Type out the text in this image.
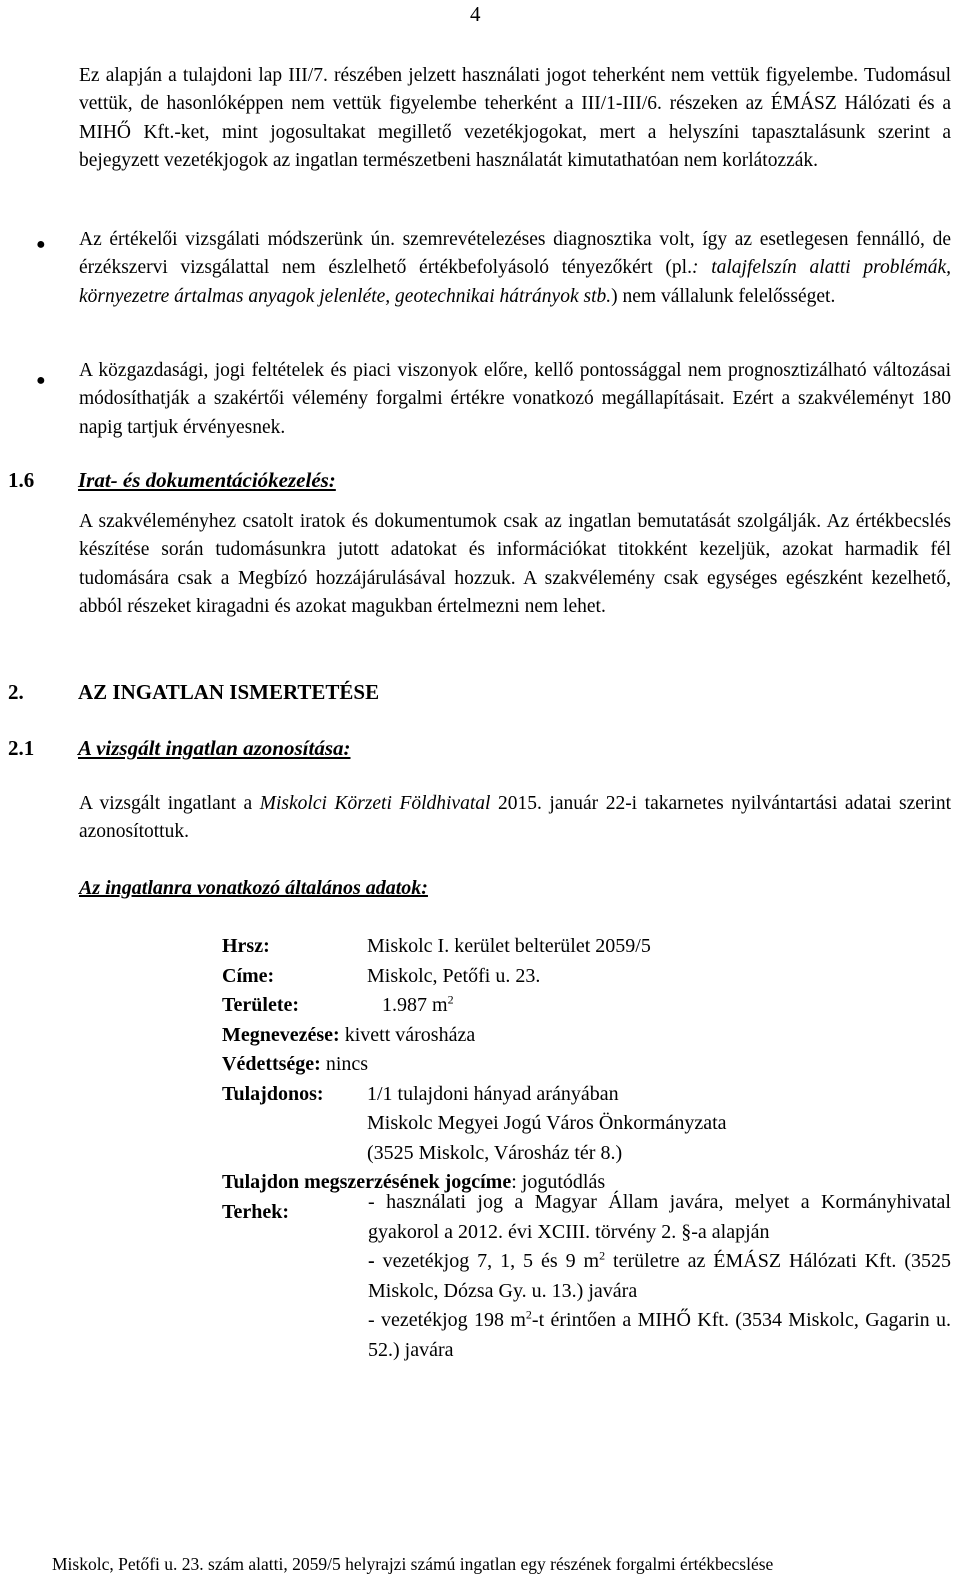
4

Ez alapján a tulajdoni lap III/7. részében jelzett használati jogot teherként nem vettük figyelembe. Tudomásul vettük, de hasonlóképpen nem vettük figyelembe teherként a III/1-III/6. részeken az ÉMÁSZ Hálózati és a MIHŐ Kft.-ket, mint jogosultakat megillető vezetékjogokat, mert a helyszíni tapasztalásunk szerint a bejegyzett vezetékjogok az ingatlan természetbeni használatát kimutathatóan nem korlátozzák.

● Az értékelői vizsgálati módszerünk ún. szemrevételezéses diagnosztika volt, így az esetlegesen fennálló, de érzékszervi vizsgálattal nem észlelhető értékbefolyásoló tényezőkért (pl.: talajfelszín alatti problémák, környezetre ártalmas anyagok jelenléte, geotechnikai hátrányok stb.) nem vállalunk felelősséget.

● A közgazdasági, jogi feltételek és piaci viszonyok előre, kellő pontossággal nem prognosztizálható változásai módosíthatják a szakértői vélemény forgalmi értékre vonatkozó megállapításait. Ezért a szakvéleményt 180 napig tartjuk érvényesnek.

1.6 Irat- és dokumentációkezelés:

A szakvéleményhez csatolt iratok és dokumentumok csak az ingatlan bemutatását szolgálják. Az értékbecslés készítése során tudomásunkra jutott adatokat és információkat titokként kezeljük, azokat harmadik fél tudomására csak a Megbízó hozzájárulásával hozzuk. A szakvélemény csak egységes egészként kezelhető, abból részeket kiragadni és azokat magukban értelmezni nem lehet.

2.	AZ INGATLAN ISMERTETÉSE
2.1 A vizsgált ingatlan azonosítása:

A vizsgált ingatlant a Miskolci Körzeti Földhivatal 2015. január 22-i takarnetes nyilvántartási adatai szerint azonosítottuk.

Az ingatlanra vonatkozó általános adatok:
Hrsz:	Miskolc I. kerület belterület 2059/5
Címe:	Miskolc, Petőfi u. 23.
Területe:	1.987 $m^2$
Megnevezése: kivett városháza
Védettsége: nincs
Tulajdonos: 1/1 tulajdoni hányad arányában
Miskolc Megyei Jogú Város Önkormányzata
(3525 Miskolc, Városház tér 8.)
Tulajdon megszerzésének jogcíme: jogutódlás
Terhek:	- használati jog a Magyar Állam javára, melyet a Kormányhivatal gyakorol a 2012. évi XCIII. törvény 2. §-a alapján

- vezetékjog 7, 1, 5 és 9 $m^2$ területre az ÉMÁSZ Hálózati Kft. (3525 Miskolc, Dózsa Gy. u. 13.) javára

- vezetékjog 198 $m^2-t$ érintően a MIHŐ Kft. (3534 Miskolc, Gagarin u. 52.) javára

Miskolc, Petőfi u. 23. szám alatti, 2059/5 helyrajzi számú ingatlan egy részének forgalmi értékbecslése
